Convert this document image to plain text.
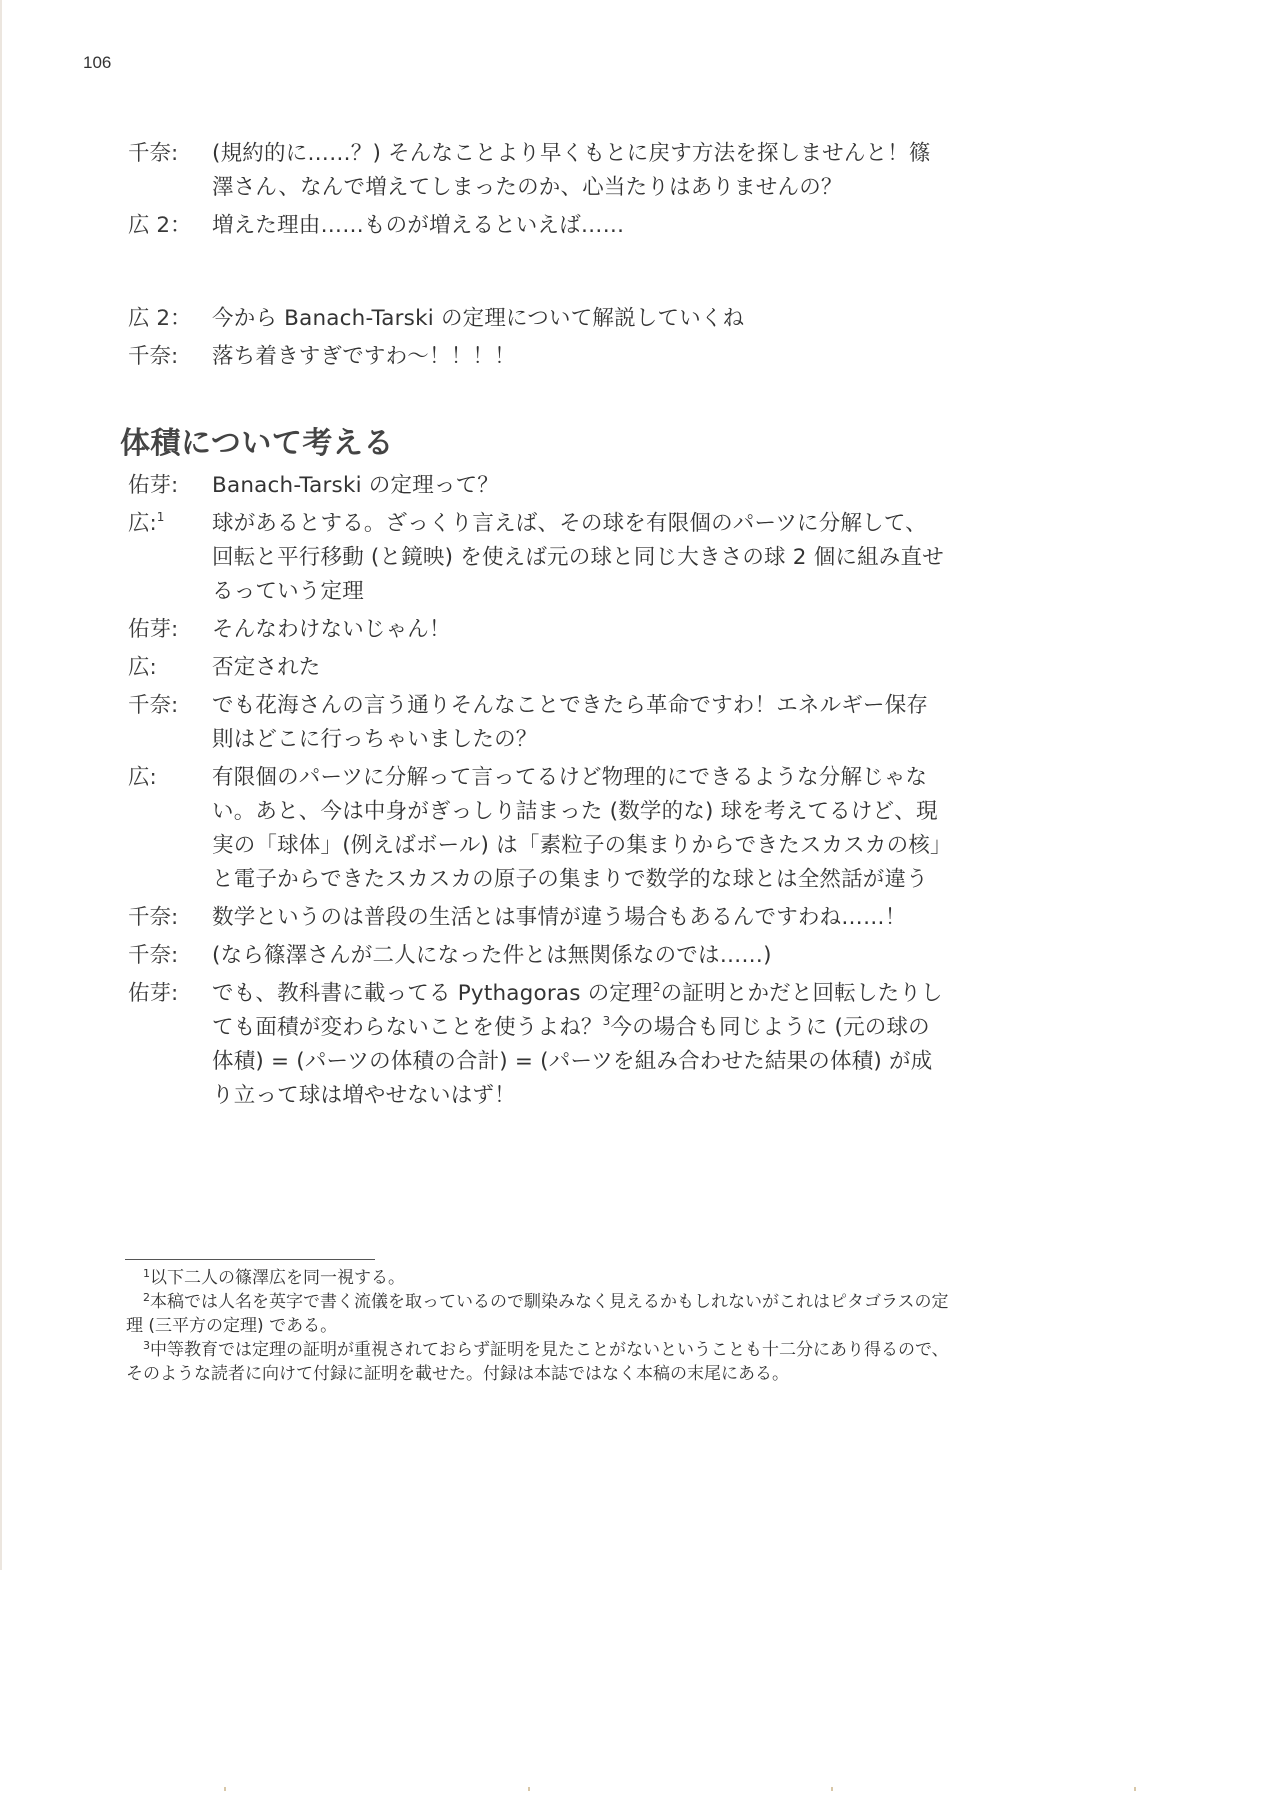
106
千奈:	(規約的に……？) そんなことより早くもとに戻す方法を探しませんと！篠澤さん、なんで増えてしまったのか、心当たりはありませんの？
広 2： 増えた理由……ものが増えるといえば……
広 2： 今から Banach-Tarski の定理について解説していくね
千奈:	落ち着きすぎですわ～！！！！
体積について考える
佑芽:	Banach-Tarski の定理って？
広:$^1$	球があるとする。ざっくり言えば、その球を有限個のパーツに分解して、回転と平行移動 (と鏡映) を使えば元の球と同じ大きさの球 2 個に組み直せるっていう定理
佑芽:	そんなわけないじゃん！
広:	否定された
千奈:	でも花海さんの言う通りそんなことできたら革命ですわ！エネルギー保存則はどこに行っちゃいましたの？
広:	有限個のパーツに分解って言ってるけど物理的にできるような分解じゃない。あと、今は中身がぎっしり詰まった (数学的な) 球を考えてるけど、現実の「球体」(例えばボール) は「素粒子の集まりからできたスカスカの核」と電子からできたスカスカの原子の集まりで数学的な球とは全然話が違う
千奈:	数学というのは普段の生活とは事情が違う場合もあるんですわね……！
千奈:	(なら篠澤さんが二人になった件とは無関係なのでは……)
佑芽:	でも、教科書に載ってる Pythagoras の定理$^2$の証明とかだと回転したりしても面積が変わらないことを使うよね？$^3$今の場合も同じように (元の球の体積) = (パーツの体積の合計) = (パーツを組み合わせた結果の体積) が成り立って球は増やせないはず！

$^1$以下二人の篠澤広を同一視する。

$^2$本稿では人名を英字で書く流儀を取っているので馴染みなく見えるかもしれないがこれはピタゴラスの定理 (三平方の定理) である。

$^3$中等教育では定理の証明が重視されておらず証明を見たことがないということも十二分にあり得るので、そのような読者に向けて付録に証明を載せた。付録は本誌ではなく本稿の末尾にある。
